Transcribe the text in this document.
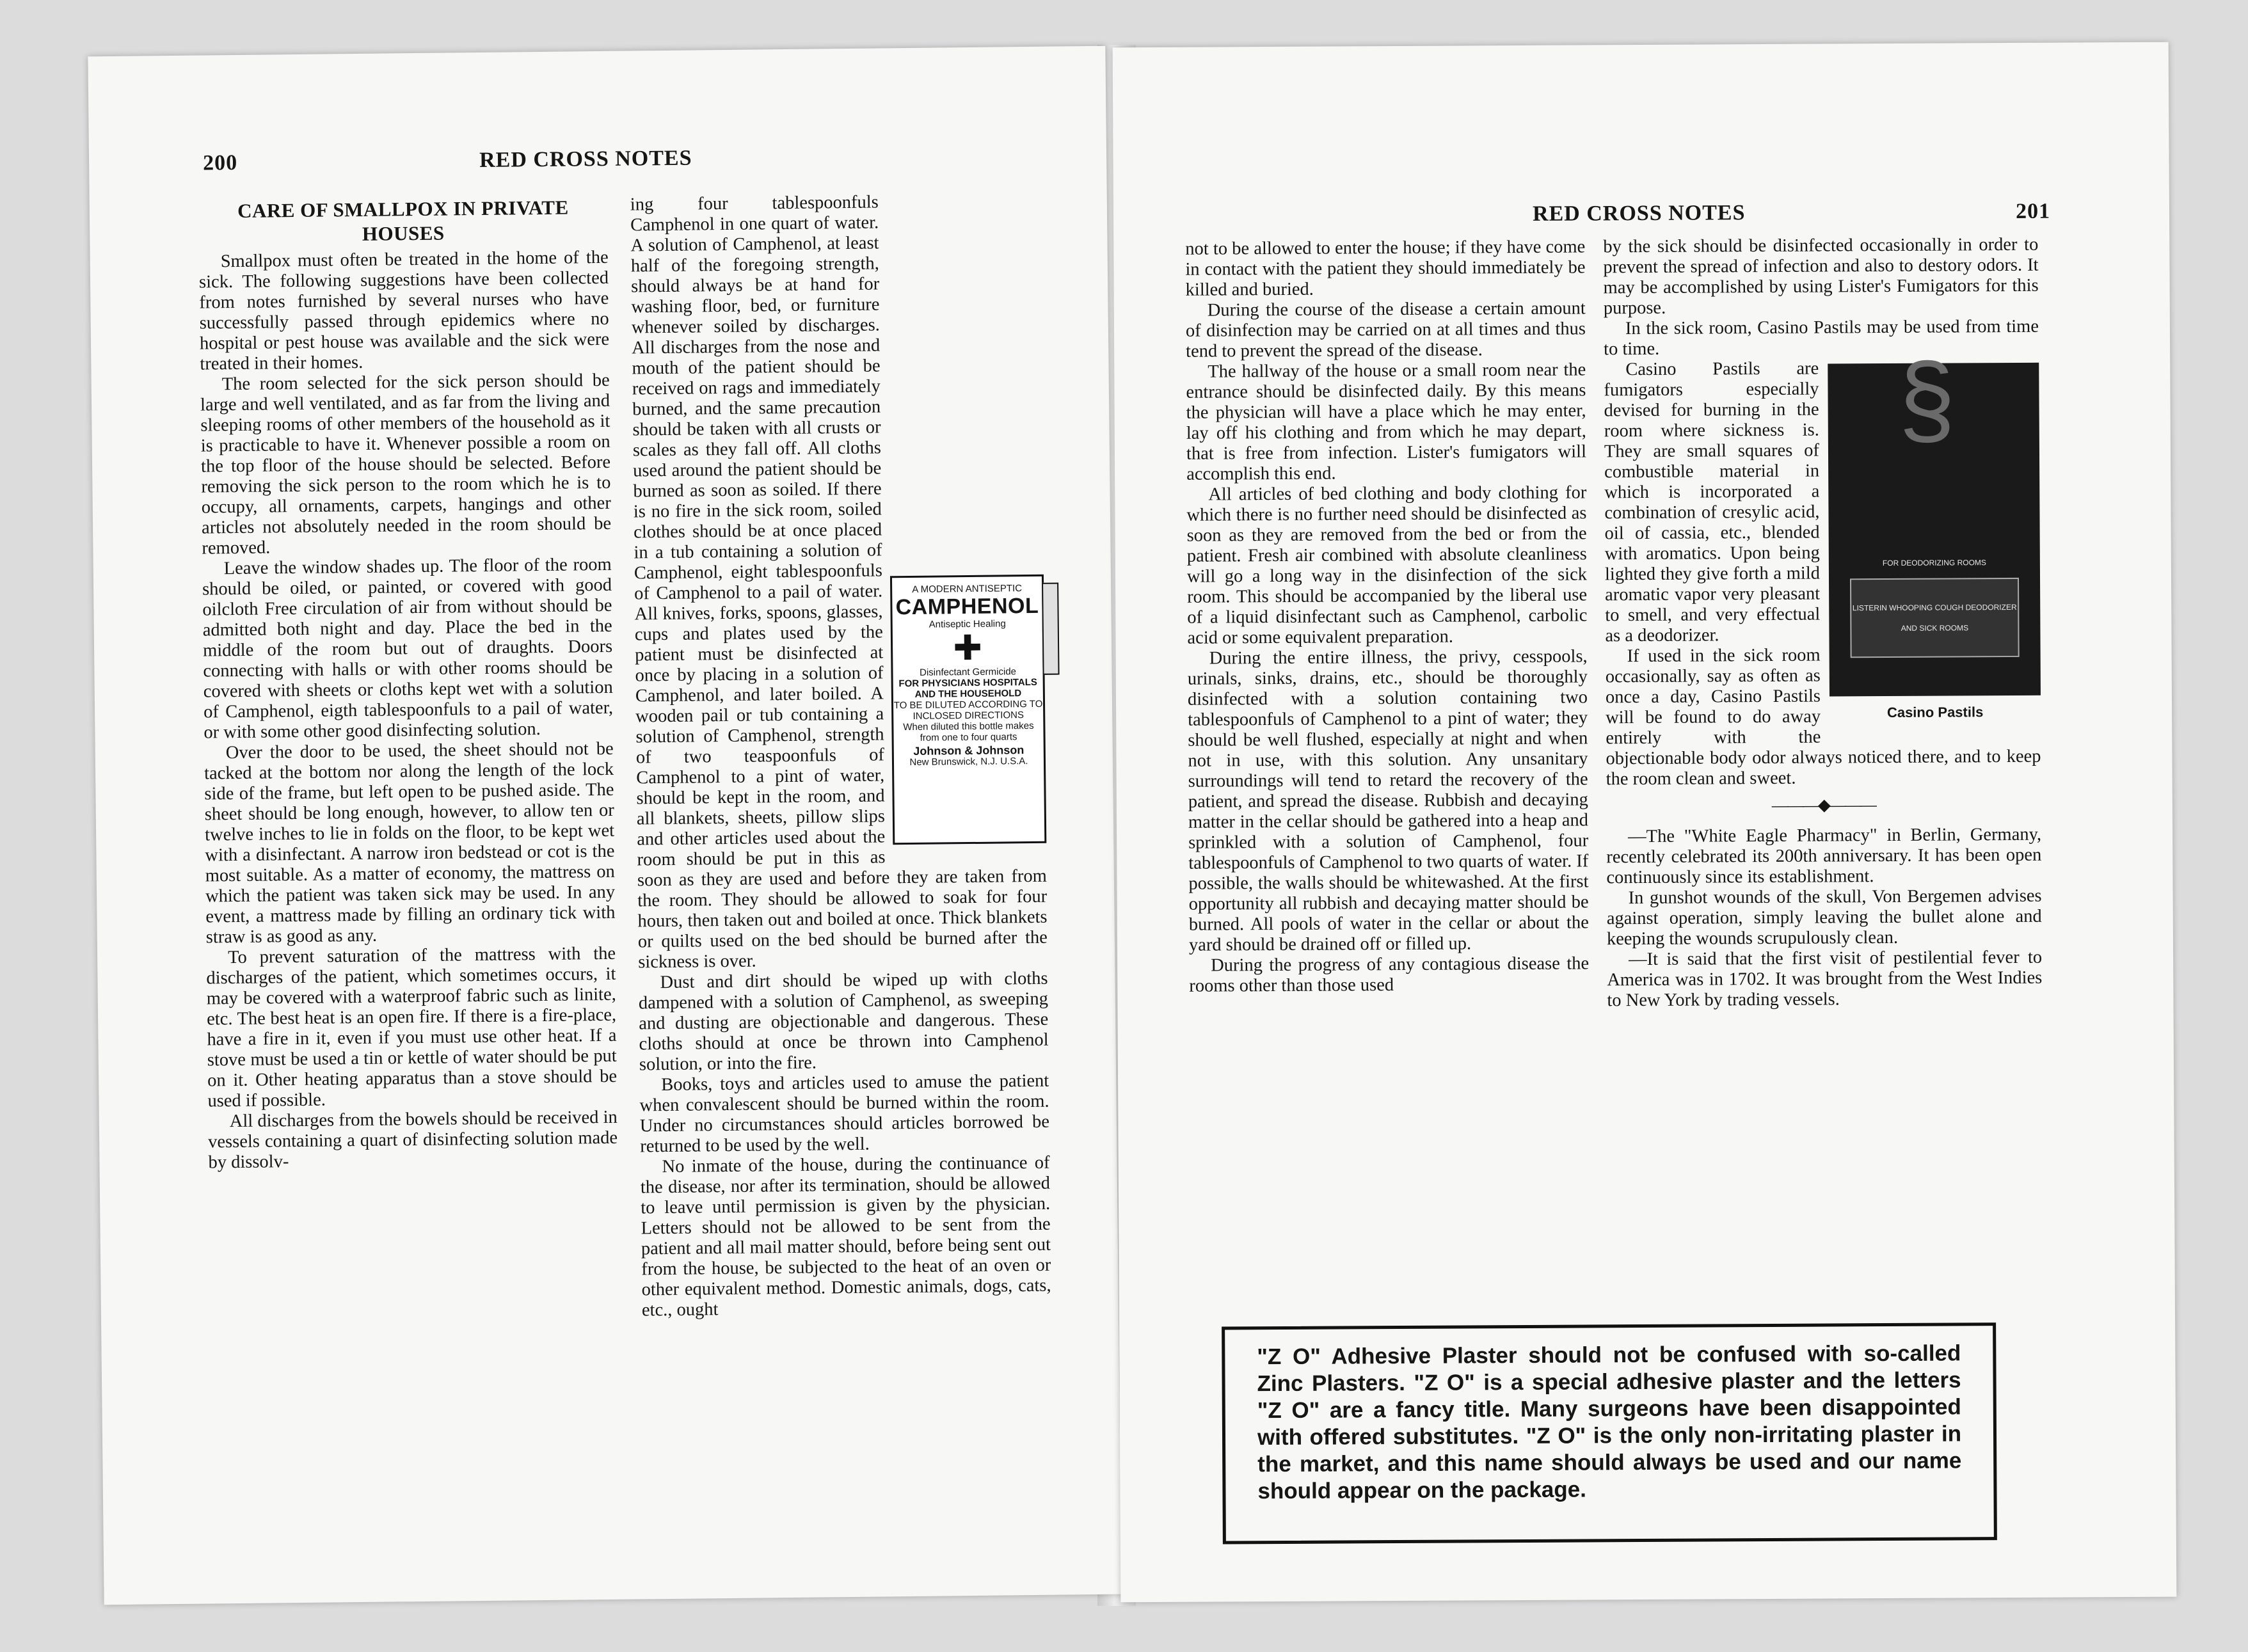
200	RED CROSS NOTES
CARE OF SMALLPOX IN PRIVATE HOUSES

Smallpox must often be treated in the home of the sick. The following suggestions have been collected from notes furnished by several nurses who have successfully passed through epidemics where no hospital or pest house was available and the sick were treated in their homes.

The room selected for the sick person should be large and well ventilated, and as far from the living and sleeping rooms of other members of the household as it is practicable to have it. Whenever possible a room on the top floor of the house should be selected. Before removing the sick person to the room which he is to occupy, all ornaments, carpets, hangings and other articles not absolutely needed in the room should be removed.

Leave the window shades up. The floor of the room should be oiled, or painted, or covered with good oilcloth Free circulation of air from without should be admitted both night and day. Place the bed in the middle of the room but out of draughts. Doors connecting with halls or with other rooms should be covered with sheets or cloths kept wet with a solution of Camphenol, eigth tablespoonfuls to a pail of water, or with some other good disinfecting solution.

Over the door to be used, the sheet should not be tacked at the bottom nor along the length of the lock side of the frame, but left open to be pushed aside. The sheet should be long enough, however, to allow ten or twelve inches to lie in folds on the floor, to be kept wet with a disinfectant. A narrow iron bedstead or cot is the most suitable. As a matter of economy, the mattress on which the patient was taken sick may be used. In any event, a mattress made by filling an ordinary tick with straw is as good as any.

To prevent saturation of the mattress with the discharges of the patient, which sometimes occurs, it may be covered with a waterproof fabric such as linite, etc. The best heat is an open fire. If there is a fire-place, have a fire in it, even if you must use other heat. If a stove must be used a tin or kettle of water should be put on it. Other heating apparatus than a stove should be used if possible.

All discharges from the bowels should be received in vessels containing a quart of disinfecting solution made by dissolv-

A MODERN ANTISEPTIC
CAMPHENOL
Antiseptic Healing
✚
Disinfectant Germicide
FOR PHYSICIANS HOSPITALS AND THE HOUSEHOLD
TO BE DILUTED ACCORDING TO INCLOSED DIRECTIONS
When diluted this bottle makes from one to four quarts
Johnson & Johnson
New Brunswick, N.J. U.S.A.

ing four tablespoonfuls Camphenol in one quart of water. A solution of Camphenol, at least half of the foregoing strength, should always be at hand for washing floor, bed, or furniture whenever soiled by discharges. All discharges from the nose and mouth of the patient should be received on rags and immediately burned, and the same precaution should be taken with all crusts or scales as they fall off. All cloths used around the patient should be burned as soon as soiled. If there is no fire in the sick room, soiled clothes should be at once placed in a tub containing a solution of Camphenol, eight tablespoonfuls of Camphenol to a pail of water. All knives, forks, spoons, glasses, cups and plates used by the patient must be disinfected at once by placing in a solution of Camphenol, and later boiled. A wooden pail or tub containing a solution of Camphenol, strength of two teaspoonfuls of Camphenol to a pint of water, should be kept in the room, and all blankets, sheets, pillow slips and other articles used about the room should be put in this as soon as they are used and before they are taken from the room. They should be allowed to soak for four hours, then taken out and boiled at once. Thick blankets or quilts used on the bed should be burned after the sickness is over.

Dust and dirt should be wiped up with cloths dampened with a solution of Camphenol, as sweeping and dusting are objectionable and dangerous. These cloths should at once be thrown into Camphenol solution, or into the fire.

Books, toys and articles used to amuse the patient when convalescent should be burned within the room. Under no circumstances should articles borrowed be returned to be used by the well.

No inmate of the house, during the continuance of the disease, nor after its termination, should be allowed to leave until permission is given by the physician. Letters should not be allowed to be sent from the patient and all mail matter should, before being sent out from the house, be subjected to the heat of an oven or other equivalent method. Domestic animals, dogs, cats, etc., ought

RED CROSS NOTES	201

not to be allowed to enter the house; if they have come in contact with the patient they should immediately be killed and buried.

During the course of the disease a certain amount of disinfection may be carried on at all times and thus tend to prevent the spread of the disease.

The hallway of the house or a small room near the entrance should be disinfected daily. By this means the physician will have a place which he may enter, lay off his clothing and from which he may depart, that is free from infection. Lister's fumigators will accomplish this end.

All articles of bed clothing and body clothing for which there is no further need should be disinfected as soon as they are removed from the bed or from the patient. Fresh air combined with absolute cleanliness will go a long way in the disinfection of the sick room. This should be accompanied by the liberal use of a liquid disinfectant such as Camphenol, carbolic acid or some equivalent preparation.

During the entire illness, the privy, cesspools, urinals, sinks, drains, etc., should be thoroughly disinfected with a solution containing two tablespoonfuls of Camphenol to a pint of water; they should be well flushed, especially at night and when not in use, with this solution. Any unsanitary surroundings will tend to retard the recovery of the patient, and spread the disease. Rubbish and decaying matter in the cellar should be gathered into a heap and sprinkled with a solution of Camphenol, four tablespoonfuls of Camphenol to two quarts of water. If possible, the walls should be whitewashed. At the first opportunity all rubbish and decaying matter should be burned. All pools of water in the cellar or about the yard should be drained off or filled up.

During the progress of any contagious disease the rooms other than those used

by the sick should be disinfected occasionally in order to prevent the spread of infection and also to destory odors. It may be accomplished by using Lister's Fumigators for this purpose.

In the sick room, Casino Pastils may be used from time to time.	§
FOR DEODORIZING ROOMS
LISTERIN WHOOPING COUGH DEODORIZER AND SICK ROOMS
Casino Pastils

Casino Pastils are fumigators especially devised for burning in the room where sickness is. They are small squares of combustible material in which is incorporated a combination of cresylic acid, oil of cassia, etc., blended with aromatics. Upon being lighted they give forth a mild aromatic vapor very pleasant to smell, and very effectual as a deodorizer.

If used in the sick room occasionally, say as often as once a day, Casino Pastils will be found to do away entirely with the objectionable body odor always noticed there, and to keep the room clean and sweet.

———◆———

—The "White Eagle Pharmacy" in Berlin, Germany, recently celebrated its 200th anniversary. It has been open continuously since its establishment.

In gunshot wounds of the skull, Von Bergemen advises against operation, simply leaving the bullet alone and keeping the wounds scrupulously clean.

—It is said that the first visit of pestilential fever to America was in 1702. It was brought from the West Indies to New York by trading vessels.

"Z O" Adhesive Plaster should not be confused with so-called Zinc Plasters. "Z O" is a special adhesive plaster and the letters "Z O" are a fancy title. Many surgeons have been disappointed with offered substitutes. "Z O" is the only non-irritating plaster in the market, and this name should always be used and our name should appear on the package.
